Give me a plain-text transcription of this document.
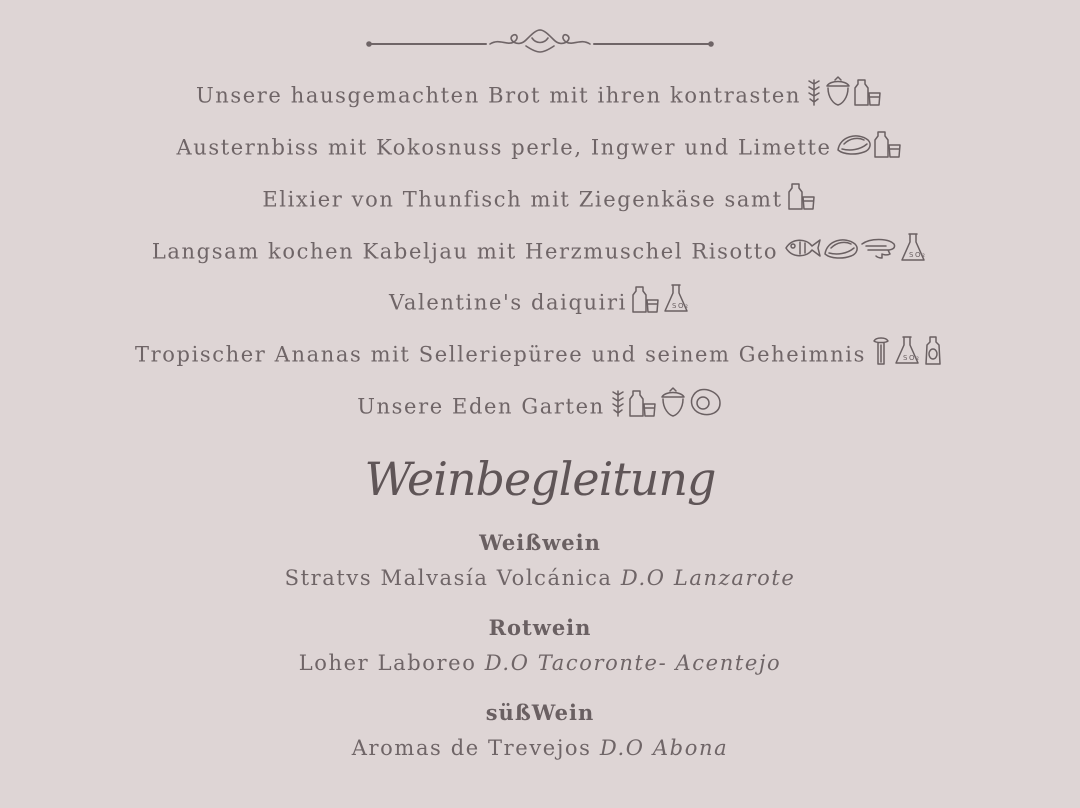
Unsere hausgemachten Brot mit ihren kontrasten
Austernbiss mit Kokosnuss perle, Ingwer und Limette
Elixier von Thunfisch mit Ziegenkäse samt
Langsam kochen Kabeljau mit Herzmuschel Risotto	SO₂
Valentine's daiquiri	SO₂
Tropischer Ananas mit Selleriepüree und seinem Geheimnis	SO₂
Unsere Eden Garten
Weinbegleitung
Weißwein
Stratvs Malvasía Volcánica D.O Lanzarote
Rotwein
Loher Laboreo D.O Tacoronte- Acentejo
süßWein
Aromas de Trevejos D.O Abona
